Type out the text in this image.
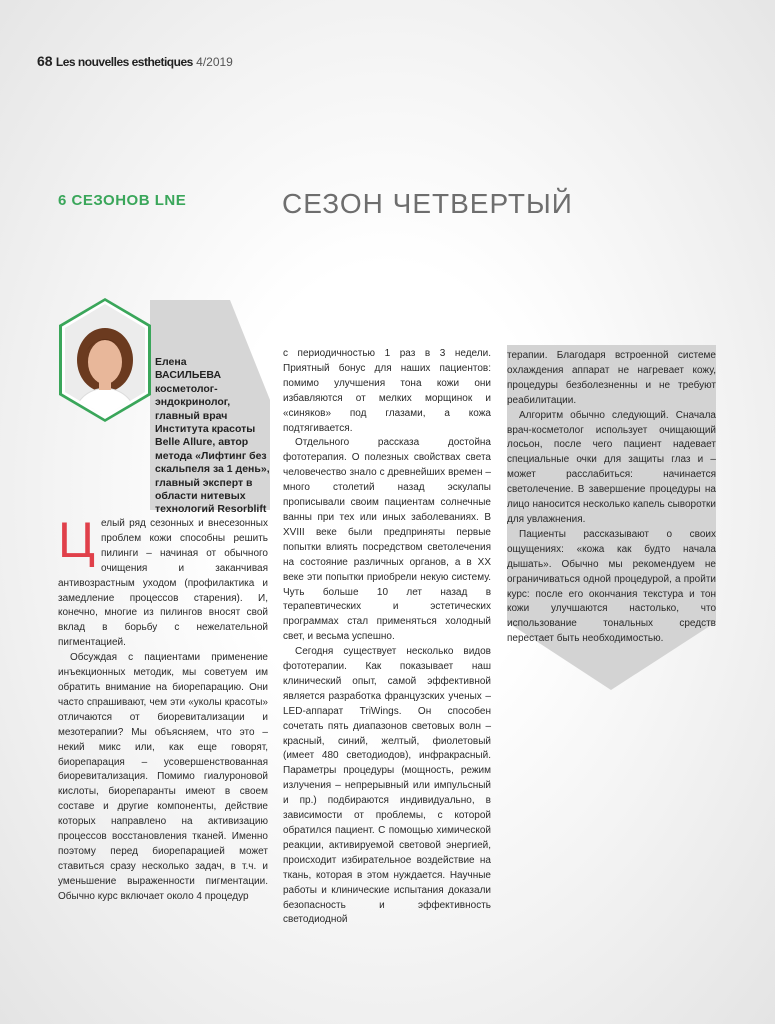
68 Les nouvelles esthetiques 4/2019
6 СЕЗОНОВ LNE	СЕЗОН ЧЕТВЕРТЫЙ
Елена
ВАСИЛЬЕВА
косметолог-эндокринолог, главный врач Института красоты Belle Allure, автор метода «Лифтинг без скальпеля за 1 день», главный эксперт в области нитевых технологий Resorblift

Целый ряд сезонных и внесезонных проблем кожи способны решить пилинги – начиная от обычного очищения и заканчивая антивозрастным уходом (профилактика и замедление процессов старения). И, конечно, многие из пилингов вносят свой вклад в борьбу с нежелательной пигментацией.

Обсуждая с пациентами применение инъекционных методик, мы советуем им обратить внимание на биорепарацию. Они часто спрашивают, чем эти «уколы красоты» отличаются от биоревитализации и мезотерапии? Мы объясняем, что это – некий микс или, как еще говорят, биорепарация – усовершенствованная биоревитализация. Помимо гиалуроновой кислоты, биорепаранты имеют в своем составе и другие компоненты, действие которых направлено на активизацию процессов восстановления тканей. Именно поэтому перед биорепарацией может ставиться сразу несколько задач, в т.ч. и уменьшение выраженности пигментации. Обычно курс включает около 4 процедур

с периодичностью 1 раз в 3 недели. Приятный бонус для наших пациентов: помимо улучшения тона кожи они избавляются от мелких морщинок и «синяков» под глазами, а кожа подтягивается.

Отдельного рассказа достойна фототерапия. О полезных свойствах света человечество знало с древнейших времен – много столетий назад эскулапы прописывали своим пациентам солнечные ванны при тех или иных заболеваниях. В XVIII веке были предприняты первые попытки влиять посредством светолечения на состояние различных органов, а в XX веке эти попытки приобрели некую систему. Чуть больше 10 лет назад в терапевтических и эстетических программах стал применяться холодный свет, и весьма успешно.

Сегодня существует несколько видов фототерапии. Как показывает наш клинический опыт, самой эффективной является разработка французских ученых – LED-аппарат TriWings. Он способен сочетать пять диапазонов световых волн – красный, синий, желтый, фиолетовый (имеет 480 светодиодов), инфракрасный. Параметры процедуры (мощность, режим излучения – непрерывный или импульсный и пр.) подбираются индивидуально, в зависимости от проблемы, с которой обратился пациент. С помощью химической реакции, активируемой световой энергией, происходит избирательное воздействие на ткань, которая в этом нуждается. Научные работы и клинические испытания доказали безопасность и эффективность светодиодной

терапии. Благодаря встроенной системе охлаждения аппарат не нагревает кожу, процедуры безболезненны и не требуют реабилитации.

Алгоритм обычно следующий. Сначала врач-косметолог использует очищающий лосьон, после чего пациент надевает специальные очки для защиты глаз и – может расслабиться: начинается светолечение. В завершение процедуры на лицо наносится несколько капель сыворотки для увлажнения.

Пациенты рассказывают о своих ощущениях: «кожа как будто начала дышать». Обычно мы рекомендуем не ограничиваться одной процедурой, а пройти курс: после его окончания текстура и тон кожи улучшаются настолько, что использование тональных средств перестает быть необходимостью.
